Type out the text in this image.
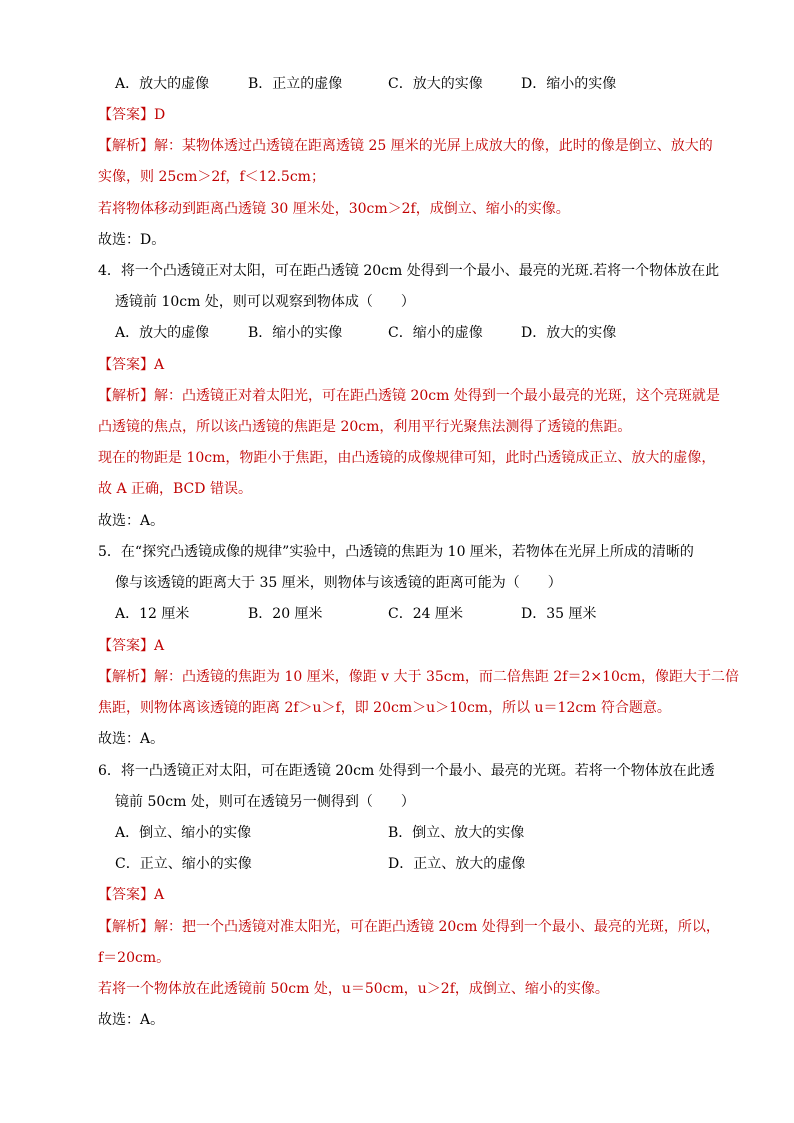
A．放大的虚像	B．正立的虚像	C．放大的实像	D．缩小的实像
【答案】D
【解析】解：某物体透过凸透镜在距离透镜 25 厘米的光屏上成放大的像，此时的像是倒立、放大的
实像，则 25cm＞2f，f＜12.5cm；
若将物体移动到距离凸透镜 30 厘米处，30cm＞2f，成倒立、缩小的实像。
故选：D。
4．将一个凸透镜正对太阳，可在距凸透镜 20cm 处得到一个最小、最亮的光斑.若将一个物体放在此
透镜前 10cm 处，则可以观察到物体成（　　）
A．放大的虚像	B．缩小的实像	C．缩小的虚像	D．放大的实像
【答案】A
【解析】解：凸透镜正对着太阳光，可在距凸透镜 20cm 处得到一个最小最亮的光斑，这个亮斑就是
凸透镜的焦点，所以该凸透镜的焦距是 20cm，利用平行光聚焦法测得了透镜的焦距。
现在的物距是 10cm，物距小于焦距，由凸透镜的成像规律可知，此时凸透镜成正立、放大的虚像，
故 A 正确，BCD 错误。
故选：A。
5．在“探究凸透镜成像的规律”实验中，凸透镜的焦距为 10 厘米，若物体在光屏上所成的清晰的
像与该透镜的距离大于 35 厘米，则物体与该透镜的距离可能为（　　）
A．12 厘米	B．20 厘米	C．24 厘米	D．35 厘米
【答案】A
【解析】解：凸透镜的焦距为 10 厘米，像距 v 大于 35cm，而二倍焦距 2f＝2×10cm，像距大于二倍
焦距，则物体离该透镜的距离 2f＞u＞f，即 20cm＞u＞10cm，所以 u＝12cm 符合题意。
故选：A。
6．将一凸透镜正对太阳，可在距透镜 20cm 处得到一个最小、最亮的光斑。若将一个物体放在此透
镜前 50cm 处，则可在透镜另一侧得到（　　）
A．倒立、缩小的实像	B．倒立、放大的实像
C．正立、缩小的实像	D．正立、放大的虚像
【答案】A
【解析】解：把一个凸透镜对准太阳光，可在距凸透镜 20cm 处得到一个最小、最亮的光斑，所以，
f＝20cm。
若将一个物体放在此透镜前 50cm 处，u＝50cm，u＞2f，成倒立、缩小的实像。
故选：A。
